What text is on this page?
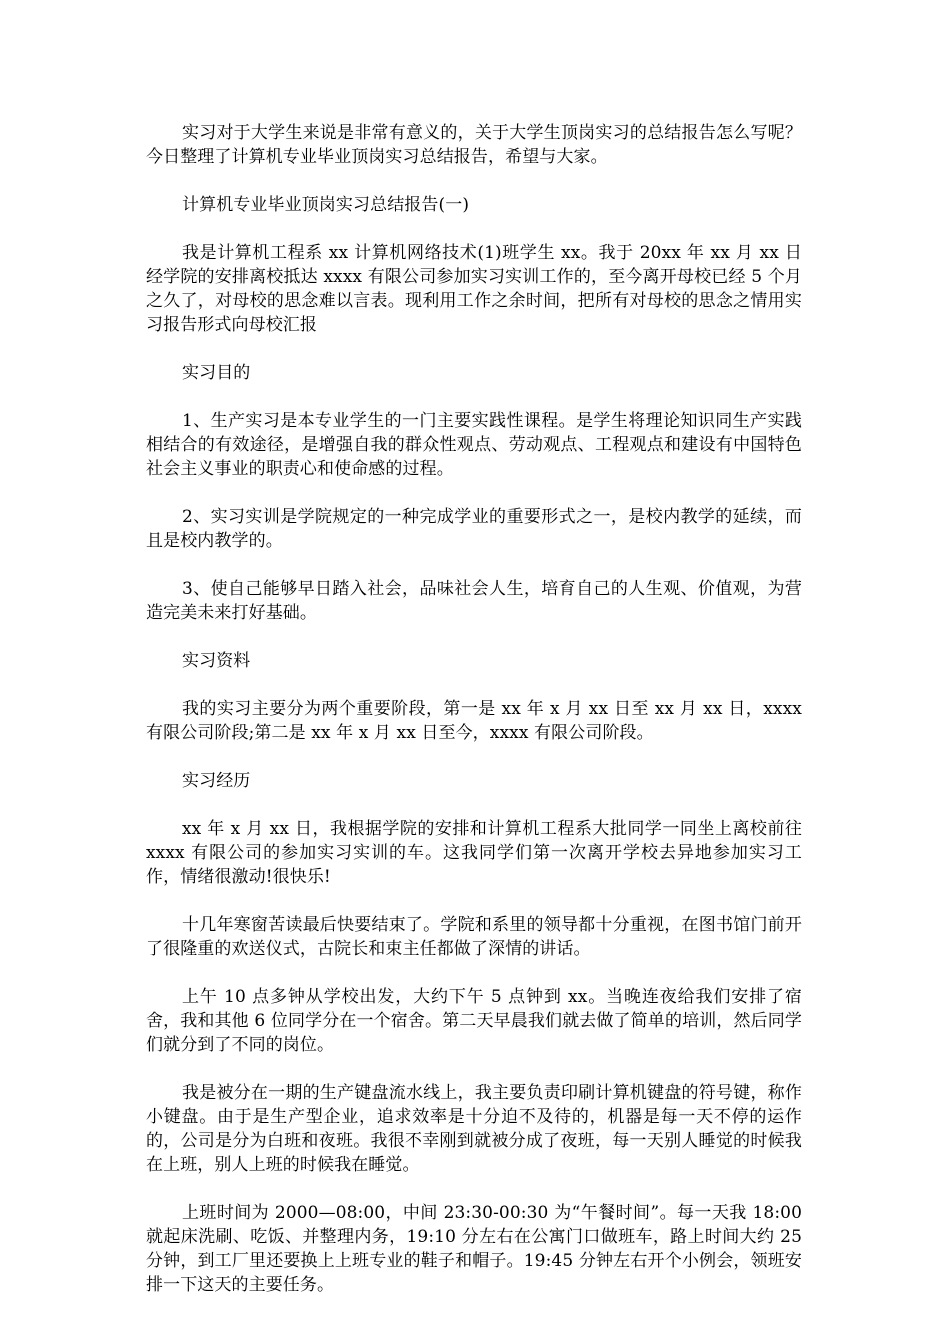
实习对于大学生来说是非常有意义的，关于大学生顶岗实习的总结报告怎么写呢？今日整理了计算机专业毕业顶岗实习总结报告，希望与大家。

计算机专业毕业顶岗实习总结报告(一)

我是计算机工程系 xx 计算机网络技术(1)班学生 xx。我于 20xx 年 xx 月 xx 日经学院的安排离校抵达 xxxx 有限公司参加实习实训工作的，至今离开母校已经 5 个月之久了，对母校的思念难以言表。现利用工作之余时间，把所有对母校的思念之情用实习报告形式向母校汇报

实习目的

1、生产实习是本专业学生的一门主要实践性课程。是学生将理论知识同生产实践相结合的有效途径，是增强自我的群众性观点、劳动观点、工程观点和建设有中国特色社会主义事业的职责心和使命感的过程。

2、实习实训是学院规定的一种完成学业的重要形式之一，是校内教学的延续，而且是校内教学的。

3、使自己能够早日踏入社会，品味社会人生，培育自己的人生观、价值观，为营造完美未来打好基础。

实习资料

我的实习主要分为两个重要阶段，第一是 xx 年 x 月 xx 日至 xx 月 xx 日，xxxx 有限公司阶段;第二是 xx 年 x 月 xx 日至今，xxxx 有限公司阶段。

实习经历

xx 年 x 月 xx 日，我根据学院的安排和计算机工程系大批同学一同坐上离校前往 xxxx 有限公司的参加实习实训的车。这我同学们第一次离开学校去异地参加实习工作，情绪很激动!很快乐!

十几年寒窗苦读最后快要结束了。学院和系里的领导都十分重视，在图书馆门前开了很隆重的欢送仪式，古院长和束主任都做了深情的讲话。

上午 10 点多钟从学校出发，大约下午 5 点钟到 xx。当晚连夜给我们安排了宿舍，我和其他 6 位同学分在一个宿舍。第二天早晨我们就去做了简单的培训，然后同学们就分到了不同的岗位。

我是被分在一期的生产键盘流水线上，我主要负责印刷计算机键盘的符号键，称作小键盘。由于是生产型企业，追求效率是十分迫不及待的，机器是每一天不停的运作的，公司是分为白班和夜班。我很不幸刚到就被分成了夜班，每一天别人睡觉的时候我在上班，别人上班的时候我在睡觉。

上班时间为 2000—08:00，中间 23:30-00:30 为“午餐时间”。每一天我 18:00 就起床洗刷、吃饭、并整理内务，19:10 分左右在公寓门口做班车，路上时间大约 25 分钟，到工厂里还要换上上班专业的鞋子和帽子。19:45 分钟左右开个小例会，领班安排一下这天的主要任务。
